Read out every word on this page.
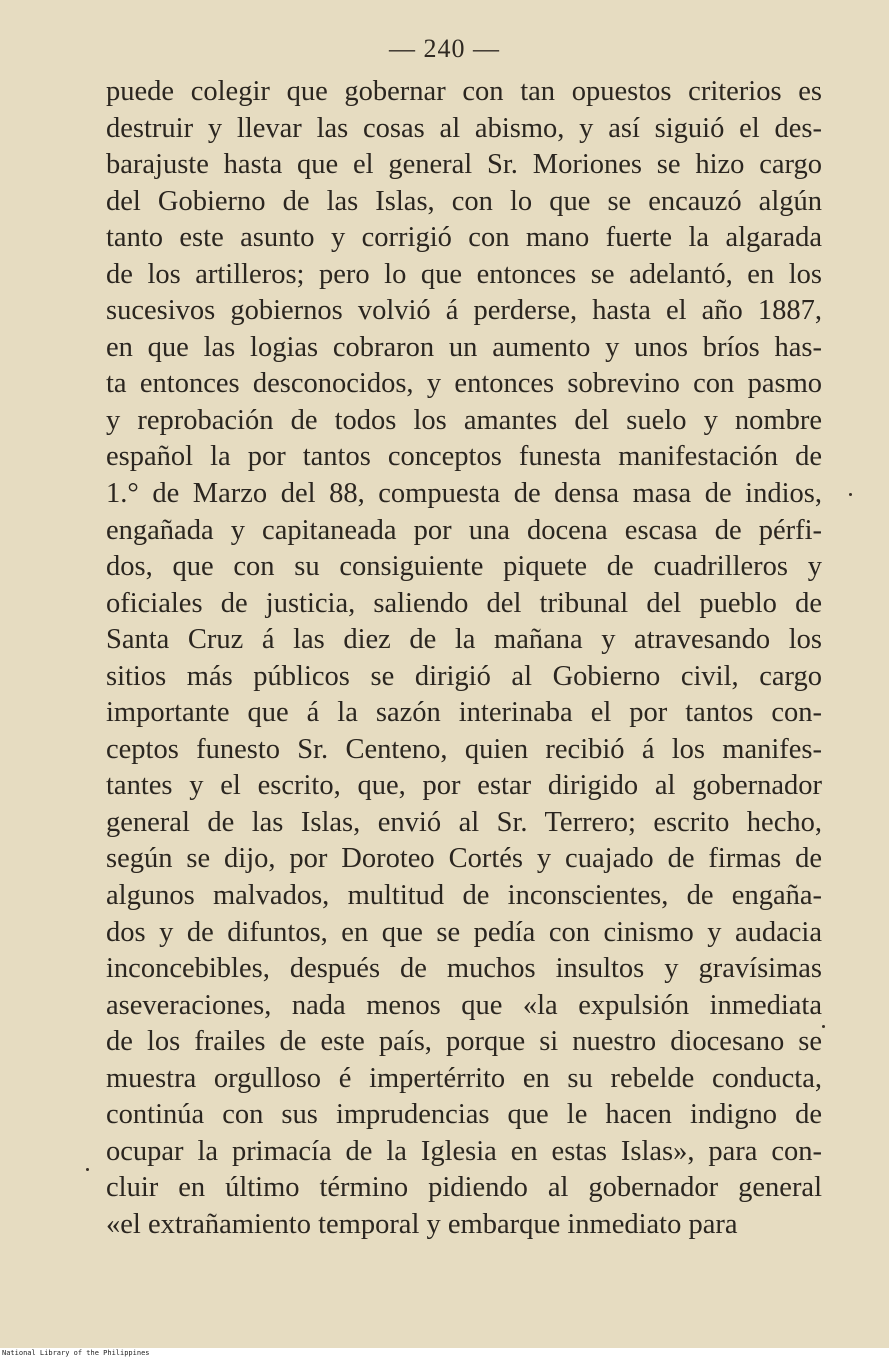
— 240 —
puede colegir que gobernar con tan opuestos criterios es
destruir y llevar las cosas al abismo, y así siguió el des-
barajuste hasta que el general Sr. Moriones se hizo cargo
del Gobierno de las Islas, con lo que se encauzó algún
tanto este asunto y corrigió con mano fuerte la algarada
de los artilleros; pero lo que entonces se adelantó, en los
sucesivos gobiernos volvió á perderse, hasta el año 1887,
en que las logias cobraron un aumento y unos bríos has-
ta entonces desconocidos, y entonces sobrevino con pasmo
y reprobación de todos los amantes del suelo y nombre
español la por tantos conceptos funesta manifestación de
1.° de Marzo del 88, compuesta de densa masa de indios,
engañada y capitaneada por una docena escasa de pérfi-
dos, que con su consiguiente piquete de cuadrilleros y
oficiales de justicia, saliendo del tribunal del pueblo de
Santa Cruz á las diez de la mañana y atravesando los
sitios más públicos se dirigió al Gobierno civil, cargo
importante que á la sazón interinaba el por tantos con-
ceptos funesto Sr. Centeno, quien recibió á los manifes-
tantes y el escrito, que, por estar dirigido al gobernador
general de las Islas, envió al Sr. Terrero; escrito hecho,
según se dijo, por Doroteo Cortés y cuajado de firmas de
algunos malvados, multitud de inconscientes, de engaña-
dos y de difuntos, en que se pedía con cinismo y audacia
inconcebibles, después de muchos insultos y gravísimas
aseveraciones, nada menos que «la expulsión inmediata
de los frailes de este país, porque si nuestro diocesano se
muestra orgulloso é impertérrito en su rebelde conducta,
continúa con sus imprudencias que le hacen indigno de
ocupar la primacía de la Iglesia en estas Islas», para con-
cluir en último término pidiendo al gobernador general
«el extrañamiento temporal y embarque inmediato para
National Library of the Philippines
